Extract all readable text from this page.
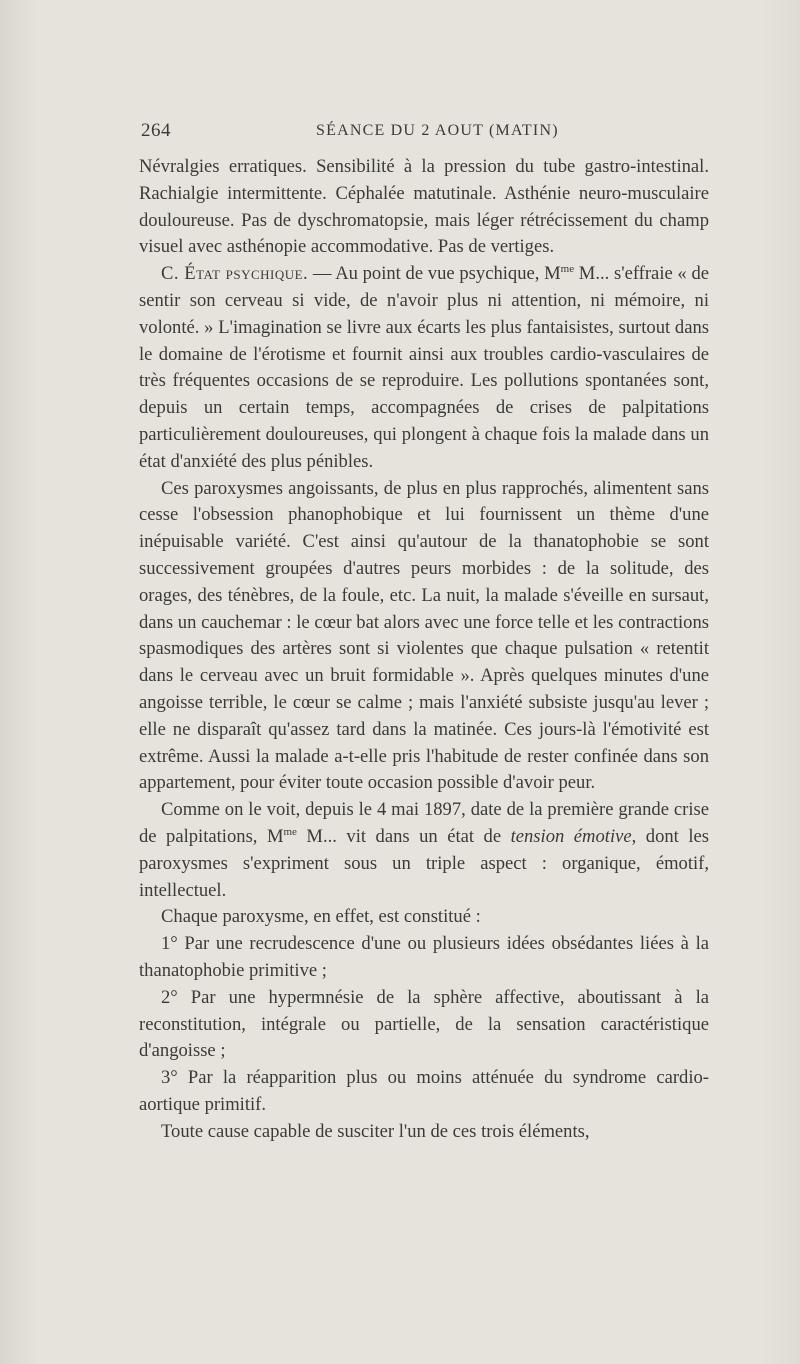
264	SÉANCE DU 2 AOUT (MATIN)

Névralgies erratiques. Sensibilité à la pression du tube gastro-intestinal. Rachialgie intermittente. Céphalée matutinale. Asthénie neuro-musculaire douloureuse. Pas de dyschromatopsie, mais léger rétrécissement du champ visuel avec asthénopie accommodative. Pas de vertiges.

C. État psychique. — Au point de vue psychique, $M^{me}$ M... s'effraie « de sentir son cerveau si vide, de n'avoir plus ni attention, ni mémoire, ni volonté. » L'imagination se livre aux écarts les plus fantaisistes, surtout dans le domaine de l'érotisme et fournit ainsi aux troubles cardio-vasculaires de très fréquentes occasions de se reproduire. Les pollutions spontanées sont, depuis un certain temps, accompagnées de crises de palpitations particulièrement douloureuses, qui plongent à chaque fois la malade dans un état d'anxiété des plus pénibles.

Ces paroxysmes angoissants, de plus en plus rapprochés, alimentent sans cesse l'obsession phanophobique et lui fournissent un thème d'une inépuisable variété. C'est ainsi qu'autour de la thanatophobie se sont successivement groupées d'autres peurs morbides : de la solitude, des orages, des ténèbres, de la foule, etc. La nuit, la malade s'éveille en sursaut, dans un cauchemar : le cœur bat alors avec une force telle et les contractions spasmodiques des artères sont si violentes que chaque pulsation « retentit dans le cerveau avec un bruit formidable ». Après quelques minutes d'une angoisse terrible, le cœur se calme ; mais l'anxiété subsiste jusqu'au lever ; elle ne disparaît qu'assez tard dans la matinée. Ces jours-là l'émotivité est extrême. Aussi la malade a-t-elle pris l'habitude de rester confinée dans son appartement, pour éviter toute occasion possible d'avoir peur.

Comme on le voit, depuis le 4 mai 1897, date de la première grande crise de palpitations, $M^{me}$ M... vit dans un état de tension émotive, dont les paroxysmes s'expriment sous un triple aspect : organique, émotif, intellectuel.

Chaque paroxysme, en effet, est constitué :

1° Par une recrudescence d'une ou plusieurs idées obsédantes liées à la thanatophobie primitive ;

2° Par une hypermnésie de la sphère affective, aboutissant à la reconstitution, intégrale ou partielle, de la sensation caractéristique d'angoisse ;

3° Par la réapparition plus ou moins atténuée du syndrome cardio-aortique primitif.

Toute cause capable de susciter l'un de ces trois éléments,
